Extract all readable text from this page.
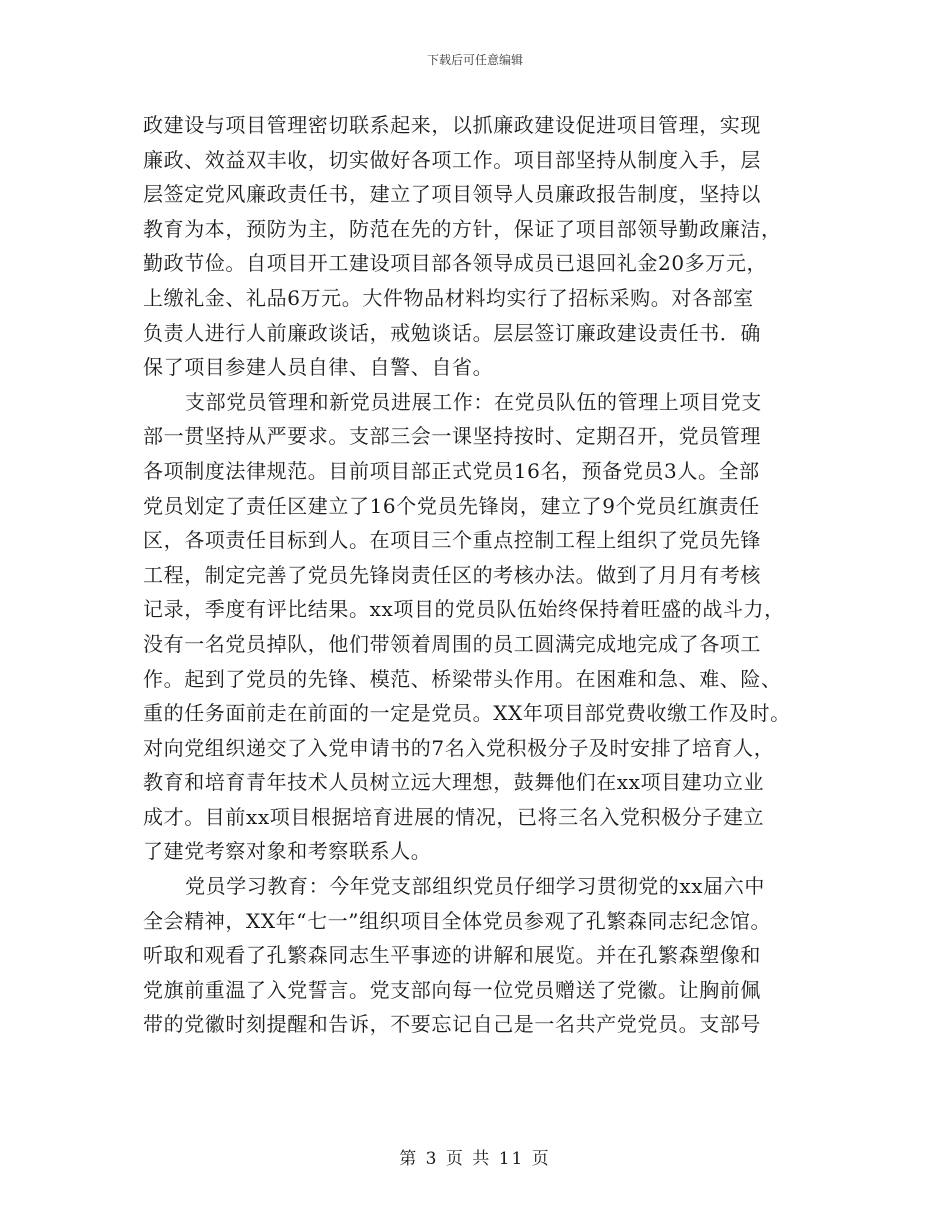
下载后可任意编辑
政建设与项目管理密切联系起来，以抓廉政建设促进项目管理，实现
廉政、效益双丰收，切实做好各项工作。项目部坚持从制度入手，层
层签定党风廉政责任书，建立了项目领导人员廉政报告制度，坚持以
教育为本，预防为主，防范在先的方针，保证了项目部领导勤政廉洁，
勤政节俭。自项目开工建设项目部各领导成员已退回礼金20多万元，
上缴礼金、礼品6万元。大件物品材料均实行了招标采购。对各部室
负责人进行人前廉政谈话，戒勉谈话。层层签订廉政建设责任书．确
保了项目参建人员自律、自警、自省。
支部党员管理和新党员进展工作：在党员队伍的管理上项目党支
部一贯坚持从严要求。支部三会一课坚持按时、定期召开，党员管理
各项制度法律规范。目前项目部正式党员16名，预备党员3人。全部
党员划定了责任区建立了16个党员先锋岗，建立了9个党员红旗责任
区，各项责任目标到人。在项目三个重点控制工程上组织了党员先锋
工程，制定完善了党员先锋岗责任区的考核办法。做到了月月有考核
记录，季度有评比结果。xx项目的党员队伍始终保持着旺盛的战斗力，
没有一名党员掉队，他们带领着周围的员工圆满完成地完成了各项工
作。起到了党员的先锋、模范、桥梁带头作用。在困难和急、难、险、
重的任务面前走在前面的一定是党员。XX年项目部党费收缴工作及时。
对向党组织递交了入党申请书的7名入党积极分子及时安排了培育人，
教育和培育青年技术人员树立远大理想，鼓舞他们在xx项目建功立业
成才。目前xx项目根据培育进展的情况，已将三名入党积极分子建立
了建党考察对象和考察联系人。
党员学习教育：今年党支部组织党员仔细学习贯彻党的xx届六中
全会精神，XX年“七一”组织项目全体党员参观了孔繁森同志纪念馆。
听取和观看了孔繁森同志生平事迹的讲解和展览。并在孔繁森塑像和
党旗前重温了入党誓言。党支部向每一位党员赠送了党徽。让胸前佩
带的党徽时刻提醒和告诉，不要忘记自己是一名共产党党员。支部号
第 3 页 共 11 页
